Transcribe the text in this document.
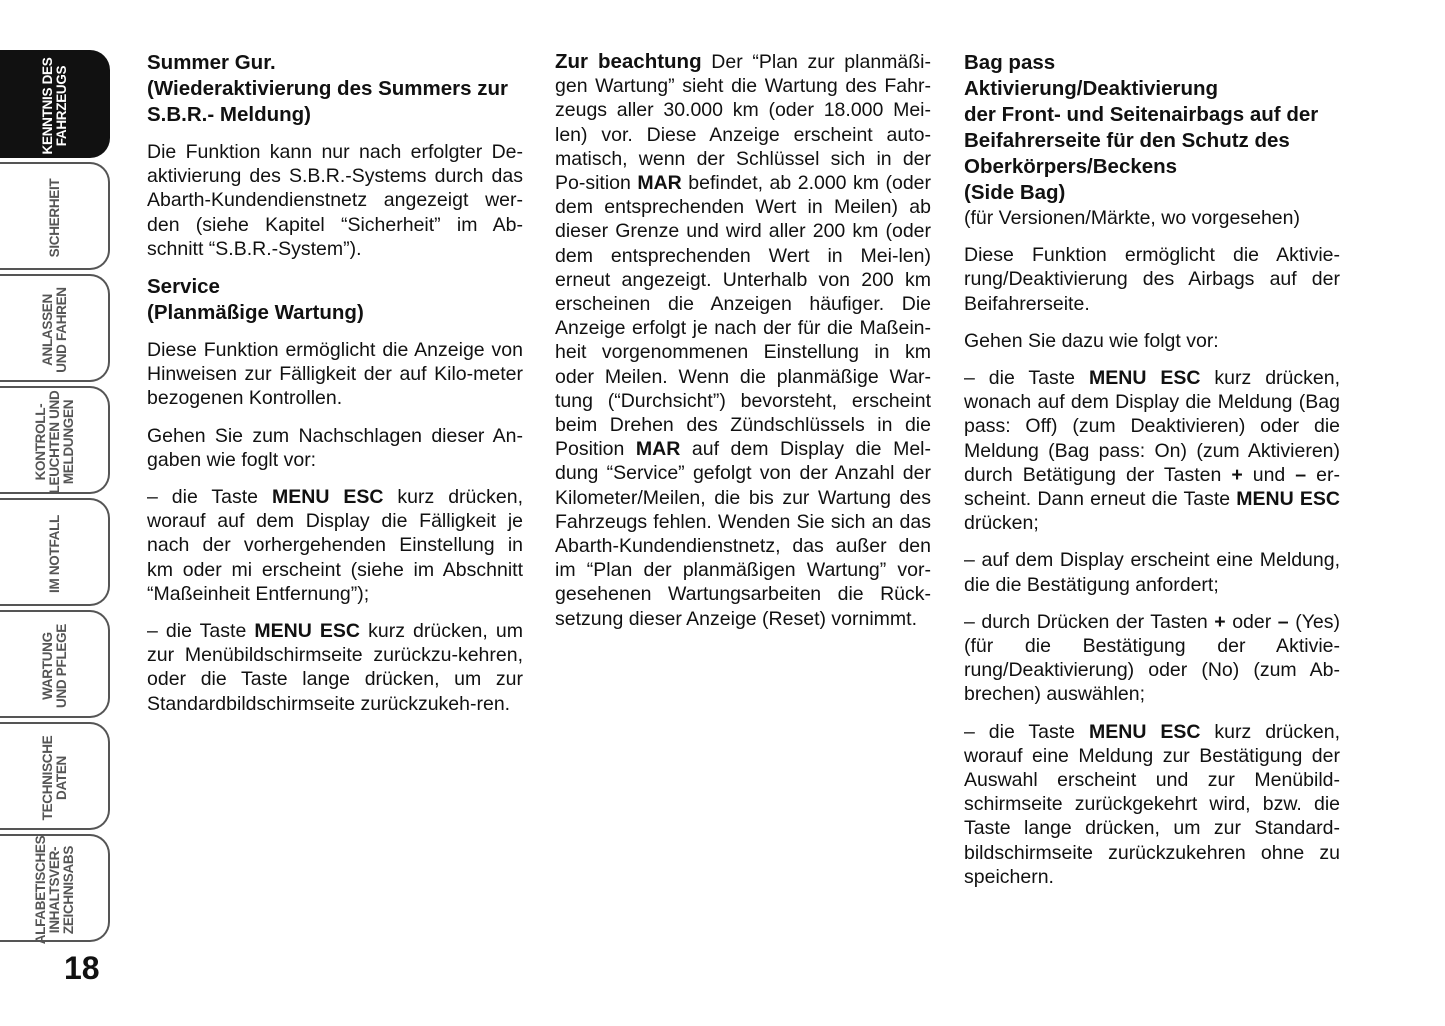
KENNTNIS DES
FAHRZEUGS
SICHERHEIT
ANLASSEN
UND FAHREN
KONTROLL-
LEUCHTEN UND
MELDUNGEN
IM NOTFALL
WARTUNG
UND PFLEGE
TECHNISCHE
DATEN
ALFABETISCHES
INHALTSVER-
ZEICHNISABS
18
Summer Gur.
(Wiederaktivierung des Summers zur S.B.R.- Meldung)

Die Funktion kann nur nach erfolgter De-aktivierung des S.B.R.-Systems durch das Abarth-Kundendienstnetz angezeigt wer-den (siehe Kapitel “Sicherheit” im Ab-schnitt “S.B.R.-System”).

Service
(Planmäßige Wartung)

Diese Funktion ermöglicht die Anzeige von Hinweisen zur Fälligkeit der auf Kilo-meter bezogenen Kontrollen.

Gehen Sie zum Nachschlagen dieser An-gaben wie foglt vor:

– die Taste MENU ESC kurz drücken, worauf auf dem Display die Fälligkeit je nach der vorhergehenden Einstellung in km oder mi erscheint (siehe im Abschnitt “Maßeinheit Entfernung”);

– die Taste MENU ESC kurz drücken, um zur Menübildschirmseite zurückzu-kehren, oder die Taste lange drücken, um zur Standardbildschirmseite zurückzukeh-ren.

Zur beachtung Der “Plan zur planmäßi-gen Wartung” sieht die Wartung des Fahr-zeugs aller 30.000 km (oder 18.000 Mei-len) vor. Diese Anzeige erscheint auto-matisch, wenn der Schlüssel sich in der Po-sition MAR befindet, ab 2.000 km (oder dem entsprechenden Wert in Meilen) ab dieser Grenze und wird aller 200 km (oder dem entsprechenden Wert in Mei-len) erneut angezeigt. Unterhalb von 200 km erscheinen die Anzeigen häufiger. Die Anzeige erfolgt je nach der für die Maßein-heit vorgenommenen Einstellung in km oder Meilen. Wenn die planmäßige War-tung (“Durchsicht”) bevorsteht, erscheint beim Drehen des Zündschlüssels in die Position MAR auf dem Display die Mel-dung “Service” gefolgt von der Anzahl der Kilometer/Meilen, die bis zur Wartung des Fahrzeugs fehlen. Wenden Sie sich an das Abarth-Kundendienstnetz, das außer den im “Plan der planmäßigen Wartung” vor-gesehenen Wartungsarbeiten die Rück-setzung dieser Anzeige (Reset) vornimmt.

Bag pass
Aktivierung/Deaktivierung
der Front- und Seitenairbags auf der Beifahrerseite für den Schutz des Oberkörpers/Beckens
(Side Bag)

(für Versionen/Märkte, wo vorgesehen)

Diese Funktion ermöglicht die Aktivie-rung/Deaktivierung des Airbags auf der Beifahrerseite.

Gehen Sie dazu wie folgt vor:

– die Taste MENU ESC kurz drücken, wonach auf dem Display die Meldung (Bag pass: Off) (zum Deaktivieren) oder die Meldung (Bag pass: On) (zum Aktivieren) durch Betätigung der Tasten + und – er-scheint. Dann erneut die Taste MENU ESC drücken;

– auf dem Display erscheint eine Meldung, die die Bestätigung anfordert;

– durch Drücken der Tasten + oder – (Yes) (für die Bestätigung der Aktivie-rung/Deaktivierung) oder (No) (zum Ab-brechen) auswählen;

– die Taste MENU ESC kurz drücken, worauf eine Meldung zur Bestätigung der Auswahl erscheint und zur Menübild-schirmseite zurückgekehrt wird, bzw. die Taste lange drücken, um zur Standard-bildschirmseite zurückzukehren ohne zu speichern.
